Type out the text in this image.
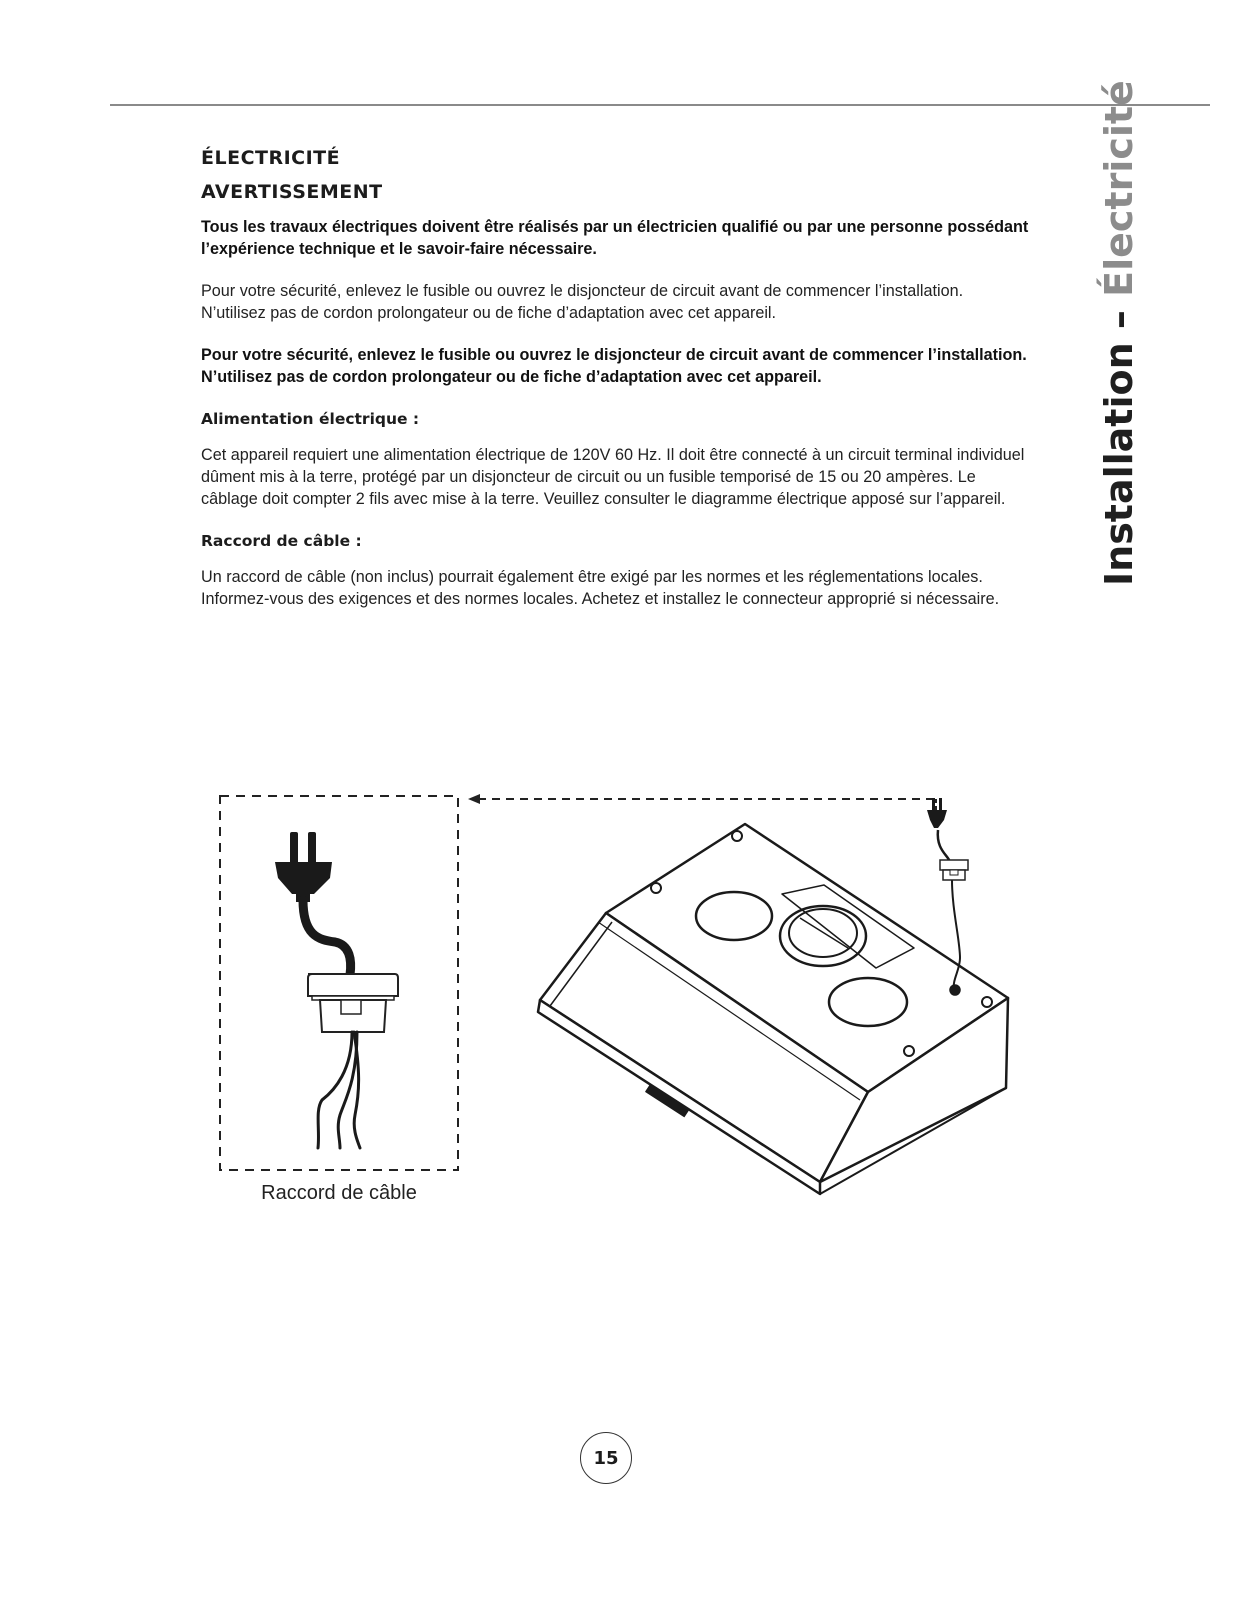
ÉLECTRICITÉ
AVERTISSEMENT

Tous les travaux électriques doivent être réalisés par un électricien qualifié ou par une personne possédant l’expérience technique et le savoir-faire nécessaire.

Pour votre sécurité, enlevez le fusible ou ouvrez le disjoncteur de circuit avant de commencer l’installation. N’utilisez pas de cordon prolongateur ou de fiche d’adaptation avec cet appareil.

Pour votre sécurité, enlevez le fusible ou ouvrez le disjoncteur de circuit avant de commencer l’installation. N’utilisez pas de cordon prolongateur ou de fiche d’adaptation avec cet appareil.

Alimentation électrique :

Cet appareil requiert une alimentation électrique de 120V 60 Hz. Il doit être connecté à un circuit terminal individuel dûment mis à la terre, protégé par un disjoncteur de circuit ou un fusible temporisé de 15 ou 20 ampères. Le câblage doit compter 2 fils avec mise à la terre. Veuillez consulter le diagramme électrique apposé sur l’appareil.

Raccord de câble :

Un raccord de câble (non inclus) pourrait également être exigé par les normes et les réglementations locales. Informez-vous des exigences et des normes locales. Achetez et installez le connecteur approprié si nécessaire.

Installation – Électricité
Raccord de câble
15
